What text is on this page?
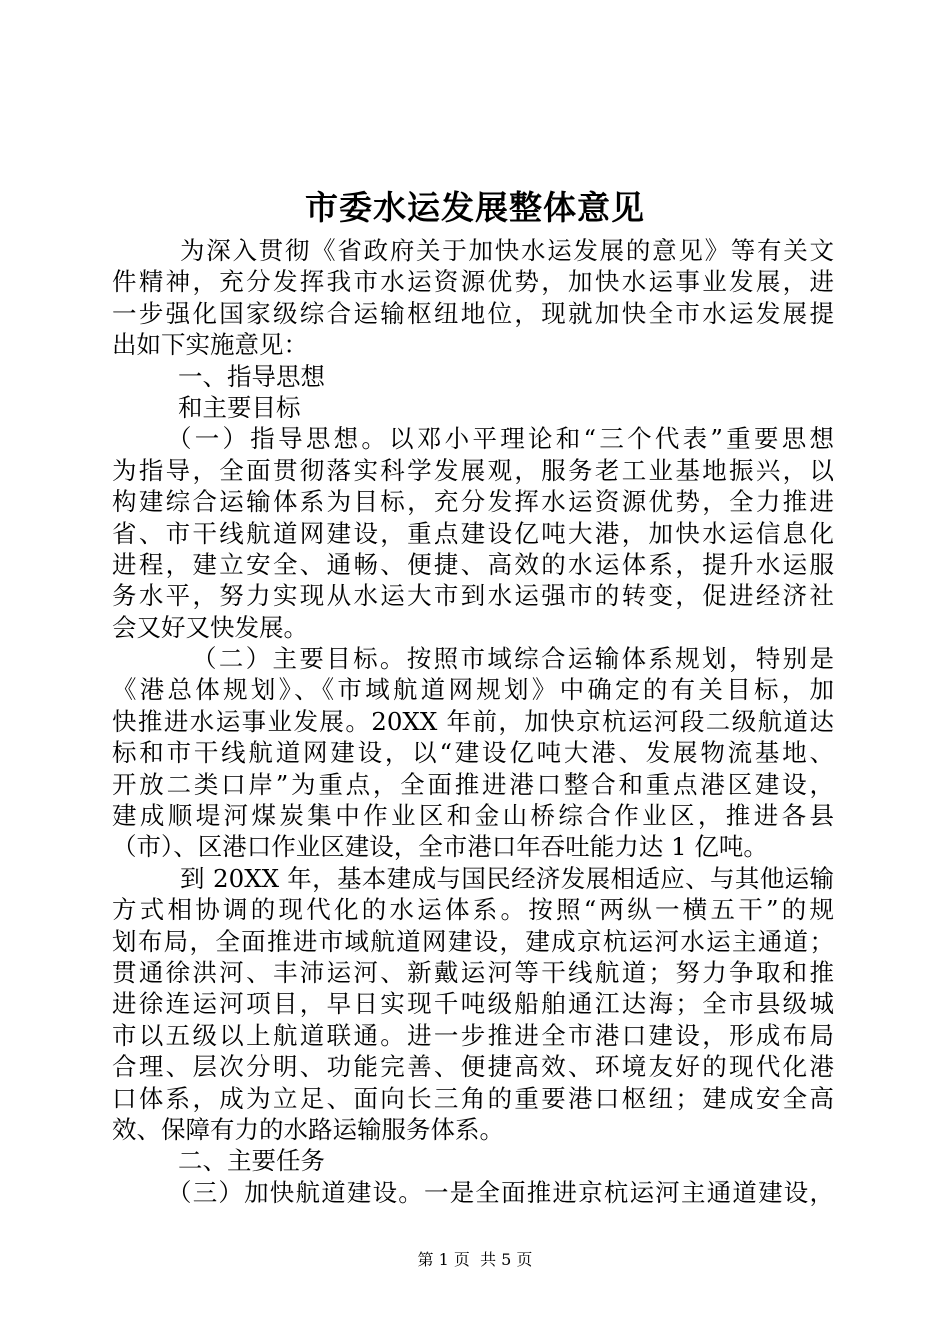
市委水运发展整体意见
为深入贯彻《省政府关于加快水运发展的意见》等有关文
件精神，充分发挥我市水运资源优势，加快水运事业发展，进
一步强化国家级综合运输枢纽地位，现就加快全市水运发展提
出如下实施意见：
一、指导思想
和主要目标
（一）指导思想。以邓小平理论和“三个代表”重要思想
为指导，全面贯彻落实科学发展观，服务老工业基地振兴，以
构建综合运输体系为目标，充分发挥水运资源优势，全力推进
省、市干线航道网建设，重点建设亿吨大港，加快水运信息化
进程，建立安全、通畅、便捷、高效的水运体系，提升水运服
务水平，努力实现从水运大市到水运强市的转变，促进经济社
会又好又快发展。
（二）主要目标。按照市域综合运输体系规划，特别是
《港总体规划》、《市域航道网规划》中确定的有关目标，加
快推进水运事业发展。20XX 年前，加快京杭运河段二级航道达
标和市干线航道网建设，以“建设亿吨大港、发展物流基地、
开放二类口岸”为重点，全面推进港口整合和重点港区建设，
建成顺堤河煤炭集中作业区和金山桥综合作业区，推进各县
（市）、区港口作业区建设，全市港口年吞吐能力达 1 亿吨。
到 20XX 年，基本建成与国民经济发展相适应、与其他运输
方式相协调的现代化的水运体系。按照“两纵一横五干”的规
划布局，全面推进市域航道网建设，建成京杭运河水运主通道；
贯通徐洪河、丰沛运河、新戴运河等干线航道；努力争取和推
进徐连运河项目，早日实现千吨级船舶通江达海；全市县级城
市以五级以上航道联通。进一步推进全市港口建设，形成布局
合理、层次分明、功能完善、便捷高效、环境友好的现代化港
口体系，成为立足、面向长三角的重要港口枢纽；建成安全高
效、保障有力的水路运输服务体系。
二、主要任务
（三）加快航道建设。一是全面推进京杭运河主通道建设，
第 1 页  共 5 页
